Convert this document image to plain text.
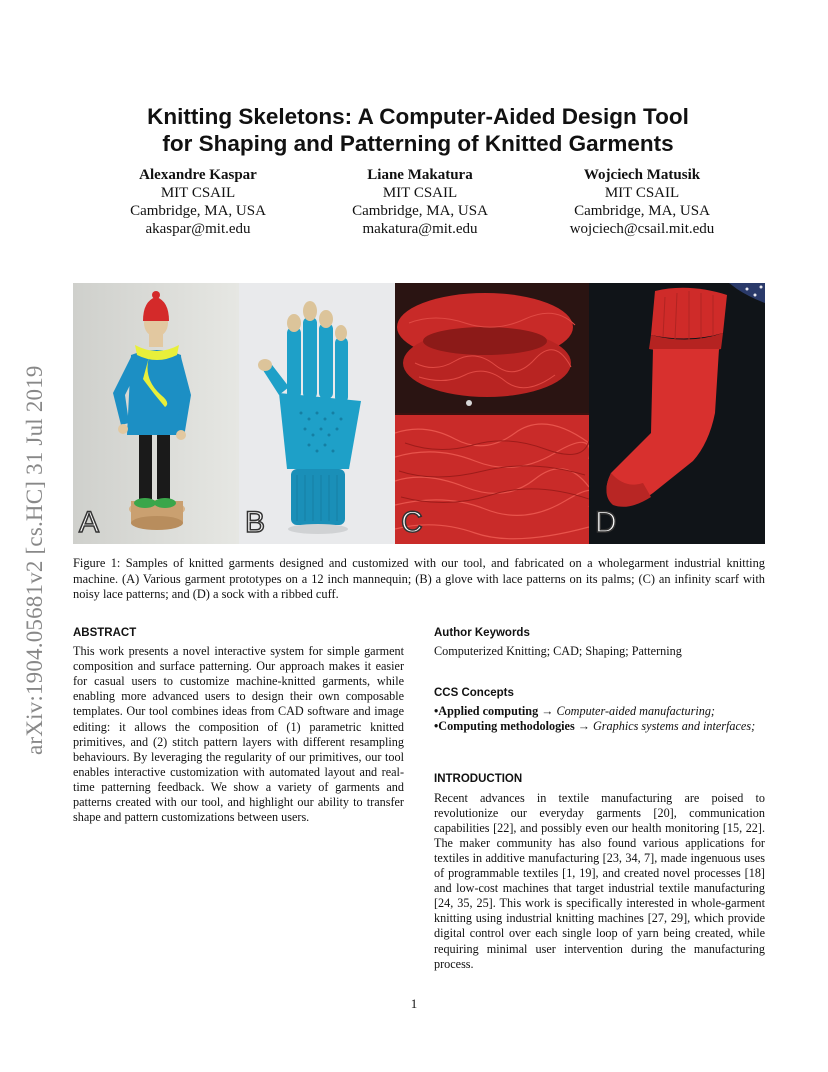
arXiv:1904.05681v2 [cs.HC] 31 Jul 2019
Knitting Skeletons: A Computer-Aided Design Tool
for Shaping and Patterning of Knitted Garments
Alexandre Kaspar
MIT CSAIL
Cambridge, MA, USA
akaspar@mit.edu
Liane Makatura
MIT CSAIL
Cambridge, MA, USA
makatura@mit.edu
Wojciech Matusik
MIT CSAIL
Cambridge, MA, USA
wojciech@csail.mit.edu
A	B	C	D
Figure 1: Samples of knitted garments designed and customized with our tool, and fabricated on a wholegarment industrial knitting machine. (A) Various garment prototypes on a 12 inch mannequin; (B) a glove with lace patterns on its palms; (C) an infinity scarf with noisy lace patterns; and (D) a sock with a ribbed cuff.
ABSTRACT

This work presents a novel interactive system for simple garment composition and surface patterning. Our approach makes it easier for casual users to customize machine-knitted garments, while enabling more advanced users to design their own composable templates. Our tool combines ideas from CAD software and image editing: it allows the composition of (1) parametric knitted primitives, and (2) stitch pattern layers with different resampling behaviours. By leveraging the regularity of our primitives, our tool enables interactive customization with automated layout and real-time patterning feedback. We show a variety of garments and patterns created with our tool, and highlight our ability to transfer shape and pattern customizations between users.

Author Keywords

Computerized Knitting; CAD; Shaping; Patterning

CCS Concepts

•Applied computing → Computer-aided manufacturing;
•Computing methodologies → Graphics systems and interfaces;

INTRODUCTION

Recent advances in textile manufacturing are poised to revolutionize our everyday garments [20], communication capabilities [22], and possibly even our health monitoring [15, 22]. The maker community has also found various applications for textiles in additive manufacturing [23, 34, 7], made ingenuous uses of programmable textiles [1, 19], and created novel processes [18] and low-cost machines that target industrial textile manufacturing [24, 35, 25]. This work is specifically interested in whole-garment knitting using industrial knitting machines [27, 29], which provide digital control over each single loop of yarn being created, while requiring minimal user intervention during the manufacturing process.

1
